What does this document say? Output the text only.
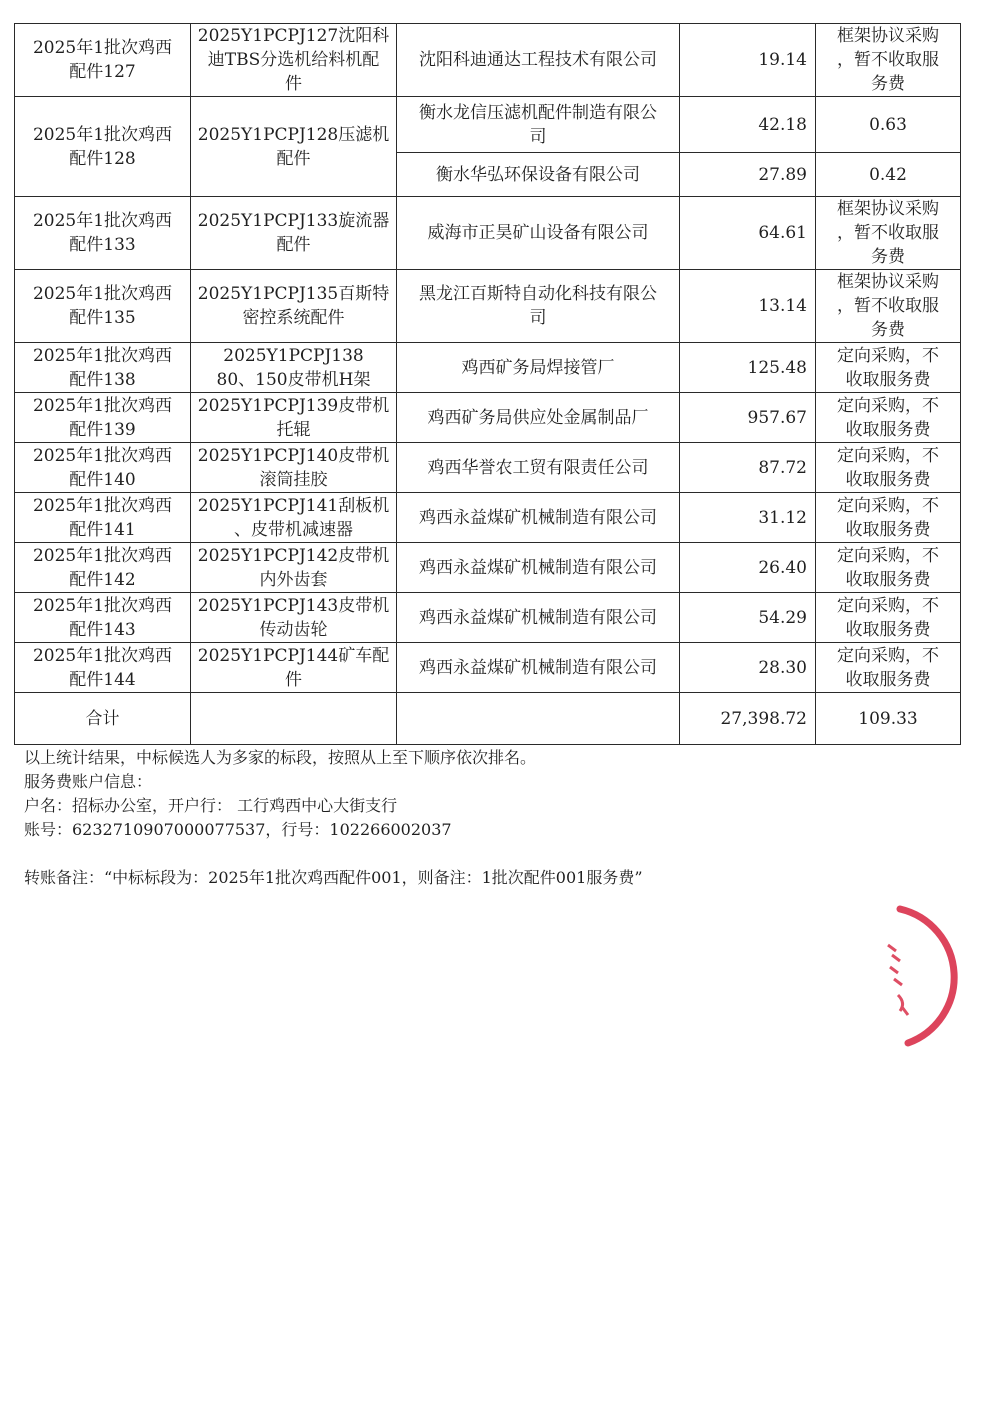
2025年1批次鸡西
配件127	2025Y1PCPJ127沈阳科
迪TBS分选机给料机配
件	沈阳科迪通达工程技术有限公司	19.14	框架协议采购
，暂不收取服
务费
2025年1批次鸡西
配件128	2025Y1PCPJ128压滤机
配件	衡水龙信压滤机配件制造有限公
司	42.18	0.63
		衡水华弘环保设备有限公司	27.89	0.42
2025年1批次鸡西
配件133	2025Y1PCPJ133旋流器
配件	威海市正昊矿山设备有限公司	64.61	框架协议采购
，暂不收取服
务费
2025年1批次鸡西
配件135	2025Y1PCPJ135百斯特
密控系统配件	黑龙江百斯特自动化科技有限公
司	13.14	框架协议采购
，暂不收取服
务费
2025年1批次鸡西
配件138	2025Y1PCPJ138
80、150皮带机H架	鸡西矿务局焊接管厂	125.48	定向采购，不
收取服务费
2025年1批次鸡西
配件139	2025Y1PCPJ139皮带机
托辊	鸡西矿务局供应处金属制品厂	957.67	定向采购，不
收取服务费
2025年1批次鸡西
配件140	2025Y1PCPJ140皮带机
滚筒挂胶	鸡西华誉农工贸有限责任公司	87.72	定向采购，不
收取服务费
2025年1批次鸡西
配件141	2025Y1PCPJ141刮板机
、皮带机减速器	鸡西永益煤矿机械制造有限公司	31.12	定向采购，不
收取服务费
2025年1批次鸡西
配件142	2025Y1PCPJ142皮带机
内外齿套	鸡西永益煤矿机械制造有限公司	26.40	定向采购，不
收取服务费
2025年1批次鸡西
配件143	2025Y1PCPJ143皮带机
传动齿轮	鸡西永益煤矿机械制造有限公司	54.29	定向采购，不
收取服务费
2025年1批次鸡西
配件144	2025Y1PCPJ144矿车配
件	鸡西永益煤矿机械制造有限公司	28.30	定向采购，不
收取服务费
合计			27,398.72	109.33

以上统计结果，中标候选人为多家的标段，按照从上至下顺序依次排名。

服务费账户信息：

户名：招标办公室，开户行： 工行鸡西中心大街支行

账号：6232710907000077537，行号：102266002037

转账备注：“中标标段为：2025年1批次鸡西配件001，则备注：1批次配件001服务费”
